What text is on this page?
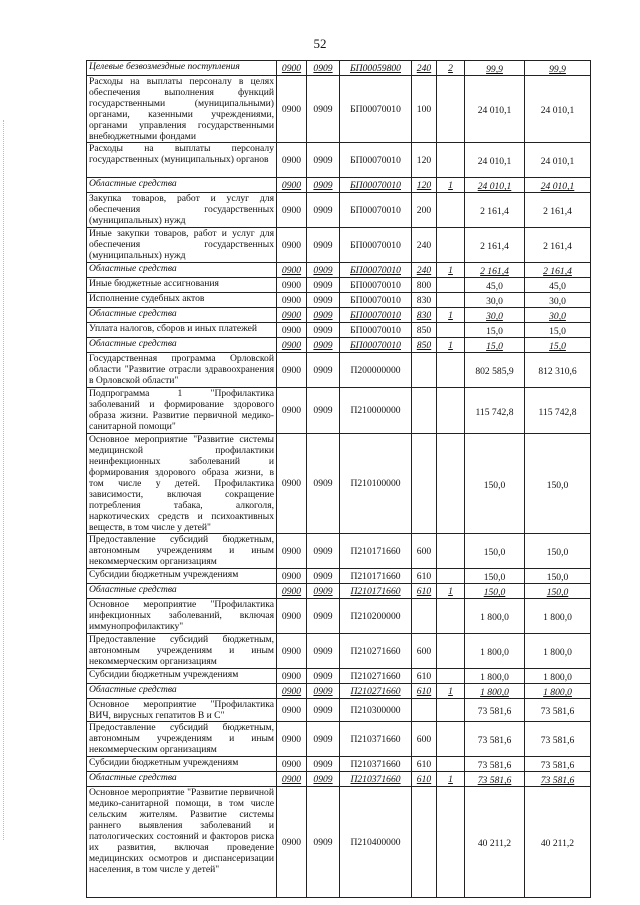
52
Целевые безвозмездные поступления	0900	0909	БП00059800	240	2	99,9	99,9
Расходы на выплаты персоналу в целях обеспечения выполнения функций государственными (муниципальными) органами, казенными учреждениями, органами управления государственными внебюджетными фондами	0900	0909	БП00070010	100		24 010,1	24 010,1
Расходы на выплаты персоналу государственных (муниципальных) органов	0900	0909	БП00070010	120		24 010,1	24 010,1
Областные средства	0900	0909	БП00070010	120	1	24 010,1	24 010,1
Закупка товаров, работ и услуг для обеспечения государственных (муниципальных) нужд	0900	0909	БП00070010	200		2 161,4	2 161,4
Иные закупки товаров, работ и услуг для обеспечения государственных (муниципальных) нужд	0900	0909	БП00070010	240		2 161,4	2 161,4
Областные средства	0900	0909	БП00070010	240	1	2 161,4	2 161,4
Иные бюджетные ассигнования	0900	0909	БП00070010	800		45,0	45,0
Исполнение судебных актов	0900	0909	БП00070010	830		30,0	30,0
Областные средства	0900	0909	БП00070010	830	1	30,0	30,0
Уплата налогов, сборов и иных платежей	0900	0909	БП00070010	850		15,0	15,0
Областные средства	0900	0909	БП00070010	850	1	15,0	15,0
Государственная программа Орловской области "Развитие отрасли здравоохранения в Орловской области"	0900	0909	П200000000			802 585,9	812 310,6
Подпрограмма 1 "Профилактика заболеваний и формирование здорового образа жизни. Развитие первичной медико-санитарной помощи"	0900	0909	П210000000			115 742,8	115 742,8
Основное мероприятие "Развитие системы медицинской профилактики неинфекционных заболеваний и формирования здорового образа жизни, в том числе у детей. Профилактика зависимости, включая сокращение потребления табака, алкоголя, наркотических средств и психоактивных веществ, в том числе у детей"	0900	0909	П210100000			150,0	150,0
Предоставление субсидий бюджетным, автономным учреждениям и иным некоммерческим организациям	0900	0909	П210171660	600		150,0	150,0
Субсидии бюджетным учреждениям	0900	0909	П210171660	610		150,0	150,0
Областные средства	0900	0909	П210171660	610	1	150,0	150,0
Основное мероприятие "Профилактика инфекционных заболеваний, включая иммунопрофилактику"	0900	0909	П210200000			1 800,0	1 800,0
Предоставление субсидий бюджетным, автономным учреждениям и иным некоммерческим организациям	0900	0909	П210271660	600		1 800,0	1 800,0
Субсидии бюджетным учреждениям	0900	0909	П210271660	610		1 800,0	1 800,0
Областные средства	0900	0909	П210271660	610	1	1 800,0	1 800,0
Основное мероприятие "Профилактика ВИЧ, вирусных гепатитов В и С"	0900	0909	П210300000			73 581,6	73 581,6
Предоставление субсидий бюджетным, автономным учреждениям и иным некоммерческим организациям	0900	0909	П210371660	600		73 581,6	73 581,6
Субсидии бюджетным учреждениям	0900	0909	П210371660	610		73 581,6	73 581,6
Областные средства	0900	0909	П210371660	610	1	73 581,6	73 581,6
Основное мероприятие "Развитие первичной медико-санитарной помощи, в том числе сельским жителям. Развитие системы раннего выявления заболеваний и патологических состояний и факторов риска их развития, включая проведение медицинских осмотров и диспансеризации населения, в том числе у детей"	0900	0909	П210400000			40 211,2	40 211,2
